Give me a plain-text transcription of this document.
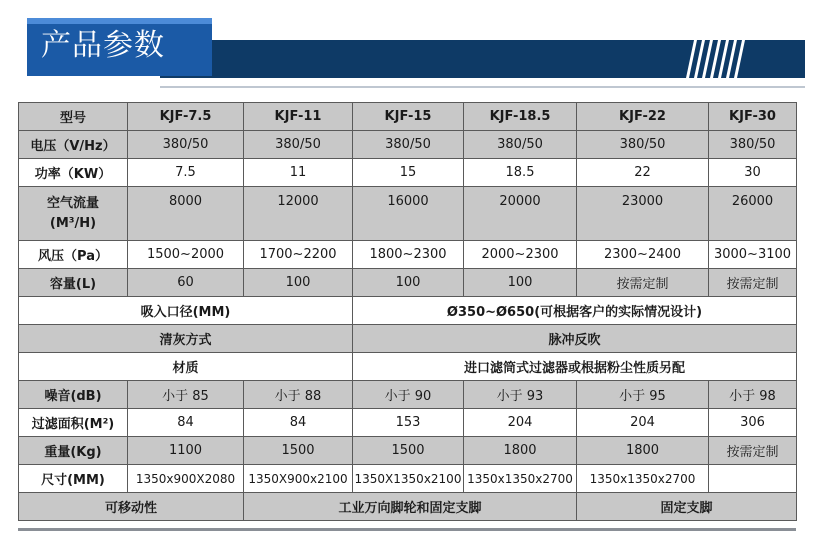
产品参数
型号	KJF-7.5	KJF-11	KJF-15	KJF-18.5	KJF-22	KJF-30
电压（V/Hz）	380/50	380/50	380/50	380/50	380/50	380/50
功率（KW）	7.5	11	15	18.5	22	30

空气流量
(M³/H)	8000	12000	16000	20000	23000	26000
风压（Pa）	1500~2000	1700~2200	1800~2300	2000~2300	2300~2400	3000~3100
容量(L)	60	100	100	100	按需定制	按需定制
吸入口径(MM)			Ø350~Ø650(可根据客户的实际情况设计)			
清灰方式			脉冲反吹			
材质			进口滤筒式过滤器或根据粉尘性质另配			
噪音(dB)	小于 85	小于 88	小于 90	小于 93	小于 95	小于 98
过滤面积(M²)	84	84	153	204	204	306
重量(Kg)	1100	1500	1500	1800	1800	按需定制
尺寸(MM)	1350x900X2080	1350X900x2100	1350X1350x2100	1350x1350x2700	1350x1350x2700	
可移动性		工业万向脚轮和固定支脚			固定支脚	
